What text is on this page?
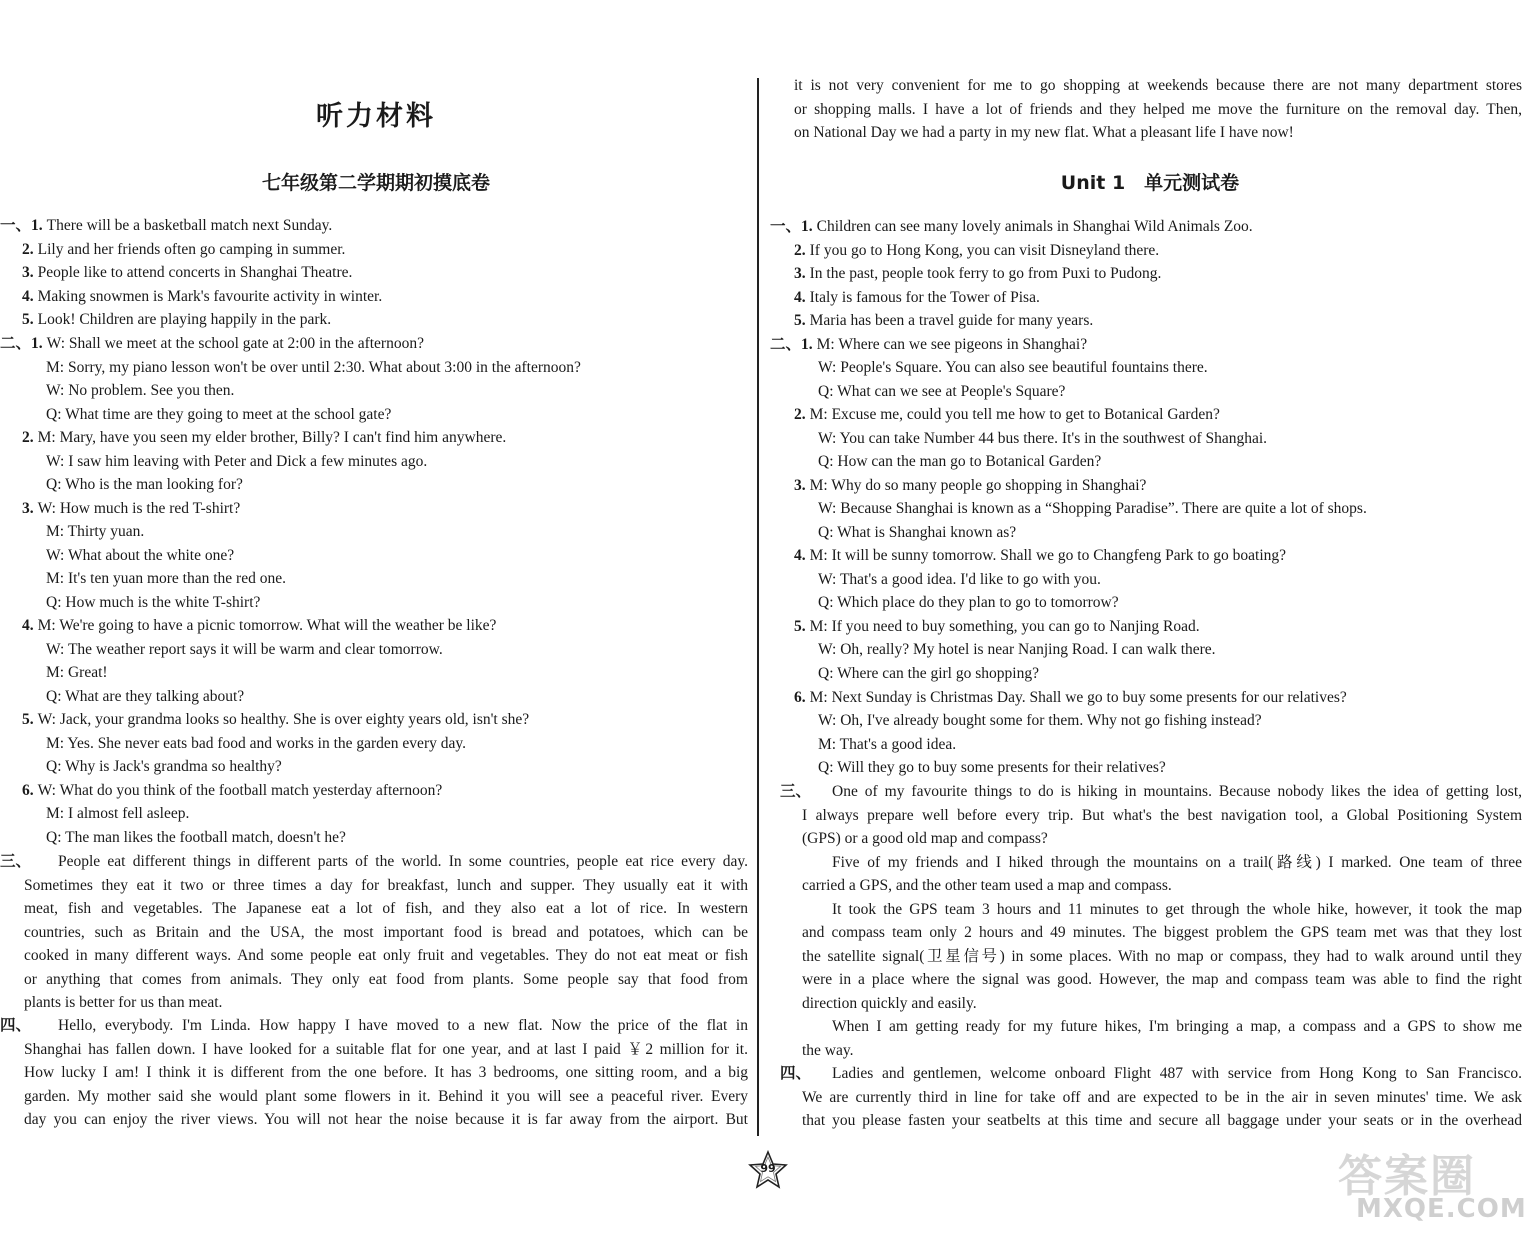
听力材料
七年级第二学期期初摸底卷
一、1. There will be a basketball match next Sunday.
2. Lily and her friends often go camping in summer.
3. People like to attend concerts in Shanghai Theatre.
4. Making snowmen is Mark's favourite activity in winter.
5. Look! Children are playing happily in the park.
二、1. W: Shall we meet at the school gate at 2:00 in the afternoon?
M: Sorry, my piano lesson won't be over until 2:30. What about 3:00 in the afternoon?
W: No problem. See you then.
Q: What time are they going to meet at the school gate?
2. M: Mary, have you seen my elder brother, Billy? I can't find him anywhere.
W: I saw him leaving with Peter and Dick a few minutes ago.
Q: Who is the man looking for?
3. W: How much is the red T-shirt?
M: Thirty yuan.
W: What about the white one?
M: It's ten yuan more than the red one.
Q: How much is the white T-shirt?
4. M: We're going to have a picnic tomorrow. What will the weather be like?
W: The weather report says it will be warm and clear tomorrow.
M: Great!
Q: What are they talking about?
5. W: Jack, your grandma looks so healthy. She is over eighty years old, isn't she?
M: Yes. She never eats bad food and works in the garden every day.
Q: Why is Jack's grandma so healthy?
6. W: What do you think of the football match yesterday afternoon?
M: I almost fell asleep.
Q: The man likes the football match, doesn't he?
三、 People eat different things in different parts of the world. In some countries, people eat rice every day.
Sometimes they eat it two or three times a day for breakfast, lunch and supper. They usually eat it with
meat, fish and vegetables. The Japanese eat a lot of fish, and they also eat a lot of rice. In western
countries, such as Britain and the USA, the most important food is bread and potatoes, which can be
cooked in many different ways. And some people eat only fruit and vegetables. They do not eat meat or fish
or anything that comes from animals. They only eat food from plants. Some people say that food from
plants is better for us than meat.
四、 Hello, everybody. I'm Linda. How happy I have moved to a new flat. Now the price of the flat in
Shanghai has fallen down. I have looked for a suitable flat for one year, and at last I paid ￥2 million for it.
How lucky I am! I think it is different from the one before. It has 3 bedrooms, one sitting room, and a big
garden. My mother said she would plant some flowers in it. Behind it you will see a peaceful river. Every
day you can enjoy the river views. You will not hear the noise because it is far away from the airport. But
it is not very convenient for me to go shopping at weekends because there are not many department stores
or shopping malls. I have a lot of friends and they helped me move the furniture on the removal day. Then,
on National Day we had a party in my new flat. What a pleasant life I have now!
Unit 1　单元测试卷
一、1. Children can see many lovely animals in Shanghai Wild Animals Zoo.
2. If you go to Hong Kong, you can visit Disneyland there.
3. In the past, people took ferry to go from Puxi to Pudong.
4. Italy is famous for the Tower of Pisa.
5. Maria has been a travel guide for many years.
二、1. M: Where can we see pigeons in Shanghai?
W: People's Square. You can also see beautiful fountains there.
Q: What can we see at People's Square?
2. M: Excuse me, could you tell me how to get to Botanical Garden?
W: You can take Number 44 bus there. It's in the southwest of Shanghai.
Q: How can the man go to Botanical Garden?
3. M: Why do so many people go shopping in Shanghai?
W: Because Shanghai is known as a “Shopping Paradise”. There are quite a lot of shops.
Q: What is Shanghai known as?
4. M: It will be sunny tomorrow. Shall we go to Changfeng Park to go boating?
W: That's a good idea. I'd like to go with you.
Q: Which place do they plan to go to tomorrow?
5. M: If you need to buy something, you can go to Nanjing Road.
W: Oh, really? My hotel is near Nanjing Road. I can walk there.
Q: Where can the girl go shopping?
6. M: Next Sunday is Christmas Day. Shall we go to buy some presents for our relatives?
W: Oh, I've already bought some for them. Why not go fishing instead?
M: That's a good idea.
Q: Will they go to buy some presents for their relatives?
三、 One of my favourite things to do is hiking in mountains. Because nobody likes the idea of getting lost,
I always prepare well before every trip. But what's the best navigation tool, a Global Positioning System
(GPS) or a good old map and compass?
Five of my friends and I hiked through the mountains on a trail(路线) I marked. One team of three
carried a GPS, and the other team used a map and compass.
It took the GPS team 3 hours and 11 minutes to get through the whole hike, however, it took the map
and compass team only 2 hours and 49 minutes. The biggest problem the GPS team met was that they lost
the satellite signal(卫星信号) in some places. With no map or compass, they had to walk around until they
were in a place where the signal was good. However, the map and compass team was able to find the right
direction quickly and easily.
When I am getting ready for my future hikes, I'm bringing a map, a compass and a GPS to show me
the way.
四、 Ladies and gentlemen, welcome onboard Flight 487 with service from Hong Kong to San Francisco.
We are currently third in line for take off and are expected to be in the air in seven minutes' time. We ask
that you please fasten your seatbelts at this time and secure all baggage under your seats or in the overhead
99	答案圈
MXQE.COM
